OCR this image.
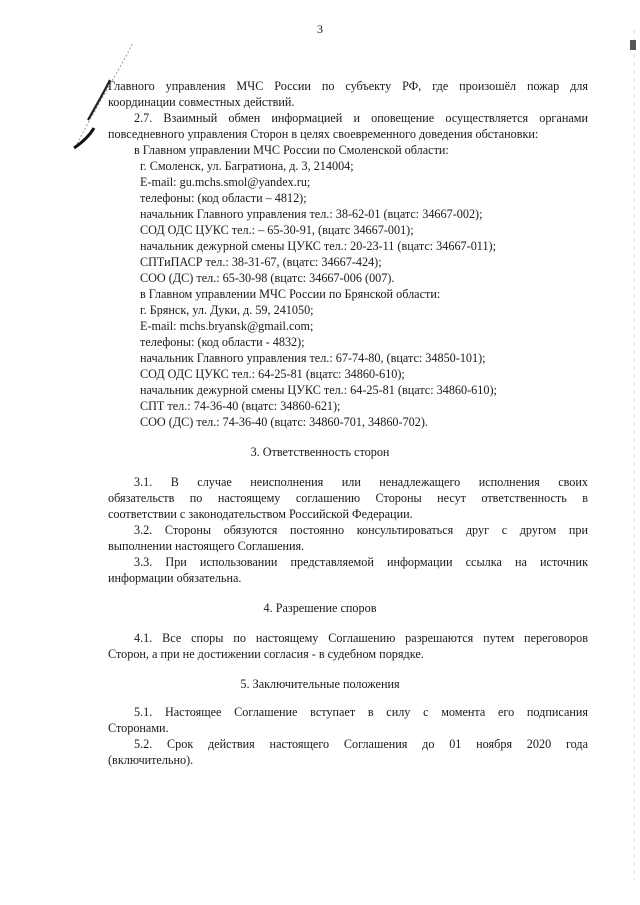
3
Главного управления МЧС России по субъекту РФ, где произошёл пожар для
координации совместных действий.
2.7. Взаимный обмен информацией и оповещение осуществляется органами
повседневного управления Сторон в целях своевременного доведения обстановки:
в Главном управлении МЧС России по Смоленской области:
г. Смоленск, ул. Багратиона, д. 3, 214004;
E-mail: gu.mchs.smol@yandex.ru;
телефоны: (код области – 4812);
начальник Главного управления тел.: 38-62-01 (вцатс: 34667-002);
СОД ОДС ЦУКС тел.: – 65-30-91, (вцатс 34667-001);
начальник дежурной смены ЦУКС тел.: 20-23-11 (вцатс: 34667-011);
СПТиПАСР тел.: 38-31-67, (вцатс: 34667-424);
СОО (ДС) тел.: 65-30-98 (вцатс: 34667-006 (007).
в Главном управлении МЧС России по Брянской области:
г. Брянск, ул. Дуки, д. 59, 241050;
E-mail: mchs.bryansk@gmail.com;
телефоны: (код области - 4832);
начальник Главного управления тел.: 67-74-80, (вцатс: 34850-101);
СОД ОДС ЦУКС тел.: 64-25-81 (вцатс: 34860-610);
начальник дежурной смены ЦУКС тел.: 64-25-81 (вцатс: 34860-610);
СПТ тел.: 74-36-40 (вцатс: 34860-621);
СОО (ДС) тел.: 74-36-40 (вцатс: 34860-701, 34860-702).
3. Ответственность сторон
3.1. В случае неисполнения или ненадлежащего исполнения своих
обязательств по настоящему соглашению Стороны несут ответственность в
соответствии с законодательством Российской Федерации.
3.2. Стороны обязуются постоянно консультироваться друг с другом при
выполнении настоящего Соглашения.
3.3. При использовании представляемой информации ссылка на источник
информации обязательна.
4. Разрешение споров
4.1. Все споры по настоящему Соглашению разрешаются путем переговоров
Сторон, а при не достижении согласия - в судебном порядке.
5. Заключительные положения
5.1. Настоящее Соглашение вступает в силу с момента его подписания
Сторонами.
5.2. Срок действия настоящего Соглашения до 01 ноября 2020 года
(включительно).
